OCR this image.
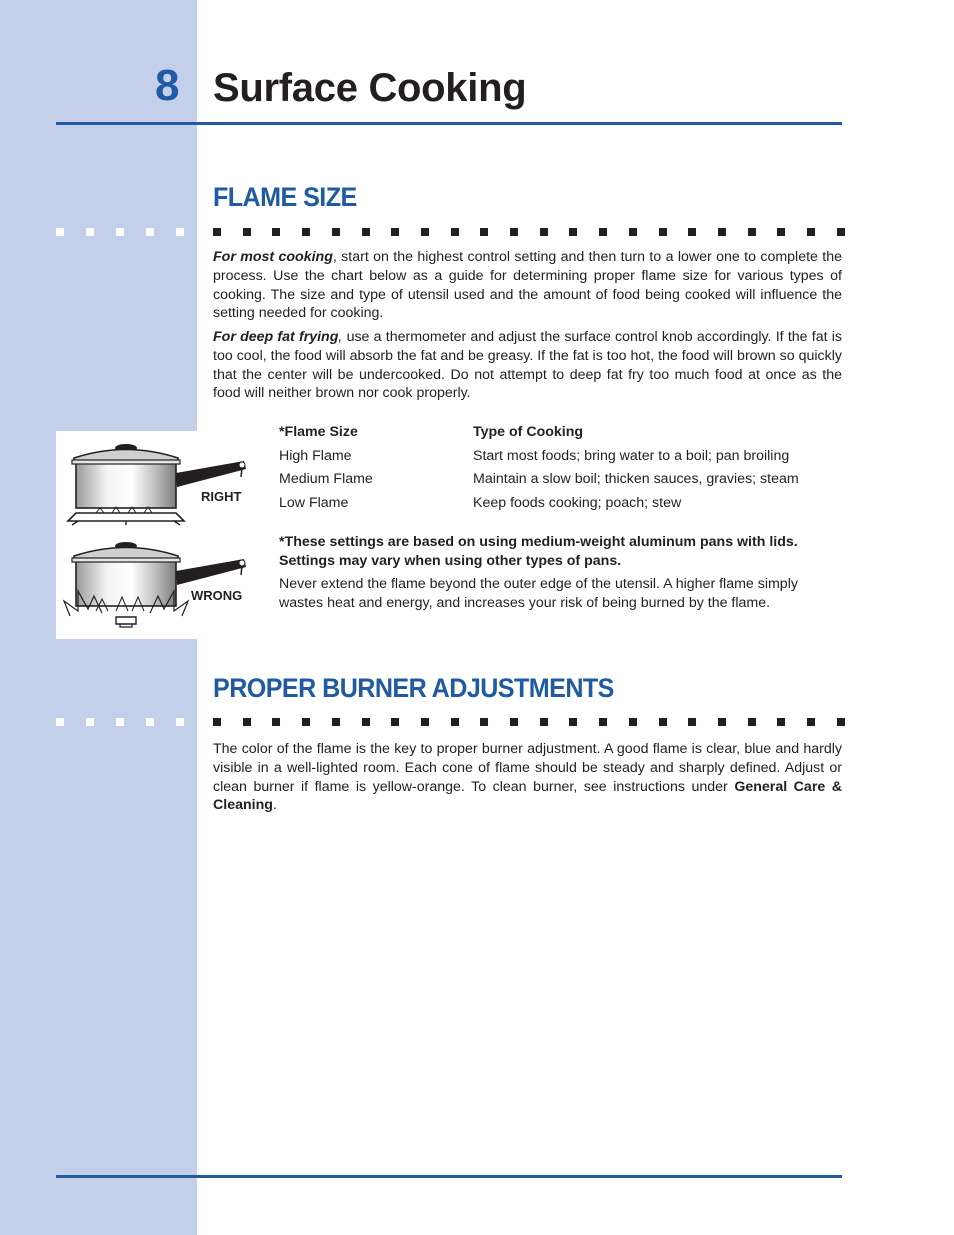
8 Surface Cooking
FLAME SIZE

For most cooking, start on the highest control setting and then turn to a lower one to complete the process. Use the chart below as a guide for determining proper flame size for various types of cooking. The size and type of utensil used and the amount of food being cooked will influence the setting needed for cooking.

For deep fat frying, use a thermometer and adjust the surface control knob accordingly. If the fat is too cool, the food will absorb the fat and be greasy. If the fat is too hot, the food will brown so quickly that the center will be undercooked. Do not attempt to deep fat fry too much food at once as the food will neither brown nor cook properly.

RIGHT
WRONG
*Flame Size	Type of Cooking
High Flame	Start most foods; bring water to a boil; pan broiling
Medium Flame	Maintain a slow boil; thicken sauces, gravies; steam
Low Flame	Keep foods cooking; poach; stew

*These settings are based on using medium-weight aluminum pans with lids. Settings may vary when using other types of pans.

Never extend the flame beyond the outer edge of the utensil. A higher flame simply wastes heat and energy, and increases your risk of being burned by the flame.

PROPER BURNER ADJUSTMENTS

The color of the flame is the key to proper burner adjustment. A good flame is clear, blue and hardly visible in a well-lighted room. Each cone of flame should be steady and sharply defined. Adjust or clean burner if flame is yellow-orange. To clean burner, see instructions under General Care & Cleaning.
